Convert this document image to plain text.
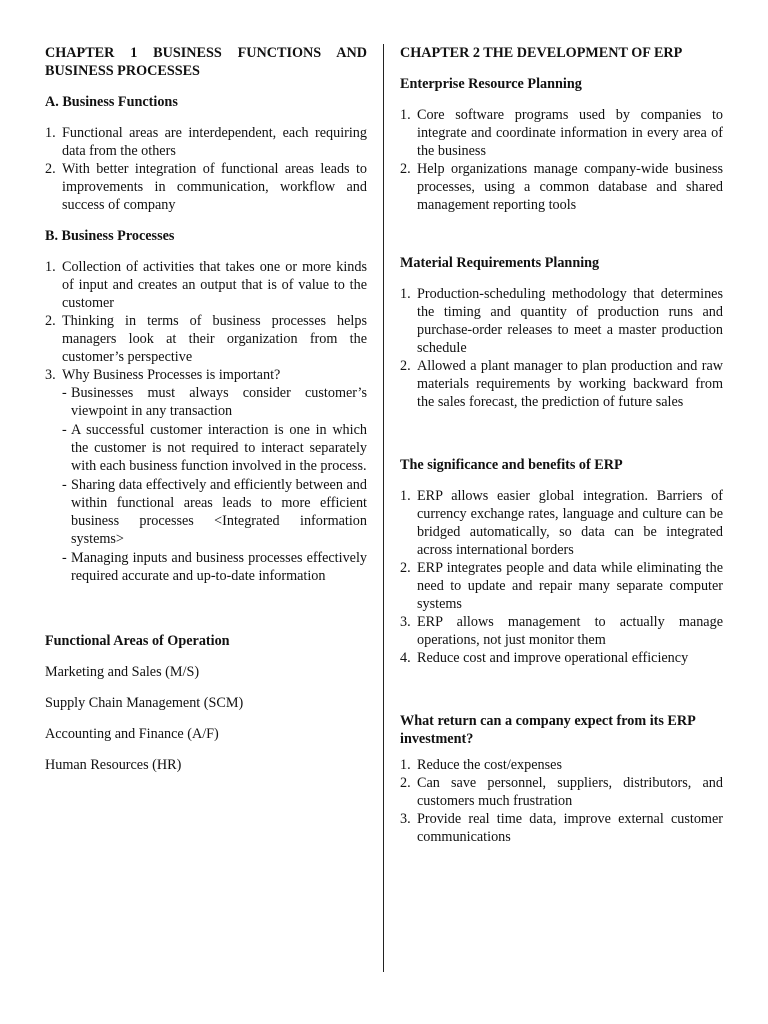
CHAPTER 1 BUSINESS FUNCTIONS AND BUSINESS PROCESSES
A. Business Functions
1. Functional areas are interdependent, each requiring data from the others
2. With better integration of functional areas leads to improvements in communication, workflow and success of company
B. Business Processes
1. Collection of activities that takes one or more kinds of input and creates an output that is of value to the customer
2. Thinking in terms of business processes helps managers look at their organization from the customer’s perspective
3. Why Business Processes is important?
- Businesses must always consider customer’s viewpoint in any transaction
- A successful customer interaction is one in which the customer is not required to interact separately with each business function involved in the process.
- Sharing data effectively and efficiently between and within functional areas leads to more efficient business processes <Integrated information systems>
- Managing inputs and business processes effectively required accurate and up-to-date information
Functional Areas of Operation
Marketing and Sales (M/S)
Supply Chain Management (SCM)
Accounting and Finance (A/F)
Human Resources (HR)
CHAPTER 2 THE DEVELOPMENT OF ERP
Enterprise Resource Planning
1. Core software programs used by companies to integrate and coordinate information in every area of the business
2. Help organizations manage company-wide business processes, using a common database and shared management reporting tools
Material Requirements Planning
1. Production-scheduling methodology that determines the timing and quantity of production runs and purchase-order releases to meet a master production schedule
2. Allowed a plant manager to plan production and raw materials requirements by working backward from the sales forecast, the prediction of future sales
The significance and benefits of ERP
1. ERP allows easier global integration. Barriers of currency exchange rates, language and culture can be bridged automatically, so data can be integrated across international borders
2. ERP integrates people and data while eliminating the need to update and repair many separate computer systems
3. ERP allows management to actually manage operations, not just monitor them
4. Reduce cost and improve operational efficiency
What return can a company expect from its ERP investment?
1. Reduce the cost/expenses
2. Can save personnel, suppliers, distributors, and customers much frustration
3. Provide real time data, improve external customer communications
